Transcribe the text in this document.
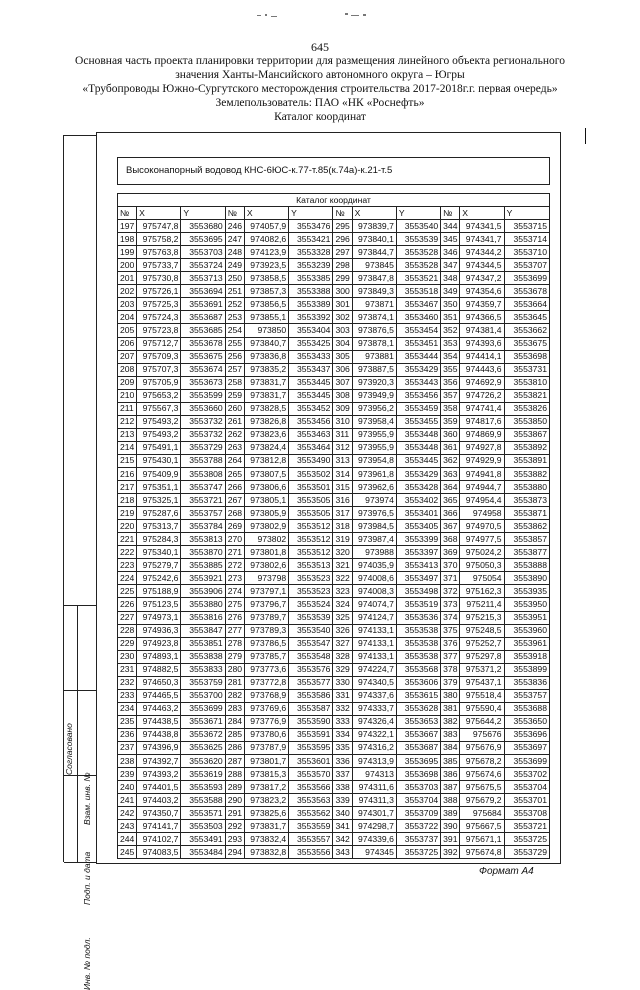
645
Основная часть проекта планировки территории для размещения линейного объекта регионального
значения Ханты-Мансийского автономного округа – Югры
«Трубопроводы Южно-Сургутского месторождения строительства 2017-2018г.г. первая очередь»
Землепользователь: ПАО «НК «Роснефть»
Каталог координат
Согласовано
Взам. инв. №
Подп. и дата
Инв. № подл.
Высоконапорный водовод КНС-6ЮС-к.77-т.85(к.74а)-к.21-т.5
Каталог координат											
№	X	Y	№	X	Y	№	X	Y	№	X	Y
197	975747,8	3553680	246	974057,9	3553476	295	973839,7	3553540	344	974341,5	3553715
198	975758,2	3553695	247	974082,6	3553421	296	973840,1	3553539	345	974341,7	3553714
199	975763,8	3553703	248	974123,9	3553328	297	973844,7	3553528	346	974344,2	3553710
200	975733,7	3553724	249	973923,5	3553239	298	973845	3553528	347	974344,5	3553707
201	975730,8	3553713	250	973858,5	3553385	299	973847,8	3553521	348	974347,2	3553699
202	975726,1	3553694	251	973857,3	3553388	300	973849,3	3553518	349	974354,6	3553678
203	975725,3	3553691	252	973856,5	3553389	301	973871	3553467	350	974359,7	3553664
204	975724,3	3553687	253	973855,1	3553392	302	973874,1	3553460	351	974366,5	3553645
205	975723,8	3553685	254	973850	3553404	303	973876,5	3553454	352	974381,4	3553662
206	975712,7	3553678	255	973840,7	3553425	304	973878,1	3553451	353	974393,6	3553675
207	975709,3	3553675	256	973836,8	3553433	305	973881	3553444	354	974414,1	3553698
208	975707,3	3553674	257	973835,2	3553437	306	973887,5	3553429	355	974443,6	3553731
209	975705,9	3553673	258	973831,7	3553445	307	973920,3	3553443	356	974692,9	3553810
210	975653,2	3553599	259	973831,7	3553445	308	973949,9	3553456	357	974726,2	3553821
211	975567,3	3553660	260	973828,5	3553452	309	973956,2	3553459	358	974741,4	3553826
212	975493,2	3553732	261	973826,8	3553456	310	973958,4	3553455	359	974817,6	3553850
213	975493,2	3553732	262	973823,6	3553463	311	973955,9	3553448	360	974869,9	3553867
214	975491,1	3553729	263	973824,4	3553464	312	973955,9	3553448	361	974927,8	3553892
215	975430,1	3553788	264	973812,8	3553490	313	973954,8	3553445	362	974929,9	3553891
216	975409,9	3553808	265	973807,5	3553502	314	973961,8	3553429	363	974941,8	3553882
217	975351,1	3553747	266	973806,6	3553501	315	973962,6	3553428	364	974944,7	3553880
218	975325,1	3553721	267	973805,1	3553505	316	973974	3553402	365	974954,4	3553873
219	975287,6	3553757	268	973805,9	3553505	317	973976,5	3553401	366	974958	3553871
220	975313,7	3553784	269	973802,9	3553512	318	973984,5	3553405	367	974970,5	3553862
221	975284,3	3553813	270	973802	3553512	319	973987,4	3553399	368	974977,5	3553857
222	975340,1	3553870	271	973801,8	3553512	320	973988	3553397	369	975024,2	3553877
223	975279,7	3553885	272	973802,6	3553513	321	974035,9	3553413	370	975050,3	3553888
224	975242,6	3553921	273	973798	3553523	322	974008,6	3553497	371	975054	3553890
225	975188,9	3553906	274	973797,1	3553523	323	974008,3	3553498	372	975162,3	3553935
226	975123,5	3553880	275	973796,7	3553524	324	974074,7	3553519	373	975211,4	3553950
227	974973,1	3553816	276	973789,7	3553539	325	974124,7	3553536	374	975215,3	3553951
228	974936,3	3553847	277	973789,3	3553540	326	974133,1	3553538	375	975248,5	3553960
229	974923,8	3553851	278	973786,5	3553547	327	974133,1	3553538	376	975252,7	3553961
230	974893,1	3553838	279	973785,7	3553548	328	974133,1	3553538	377	975297,8	3553918
231	974882,5	3553833	280	973773,6	3553576	329	974224,7	3553568	378	975371,2	3553899
232	974650,3	3553759	281	973772,8	3553577	330	974340,5	3553606	379	975437,1	3553836
233	974465,5	3553700	282	973768,9	3553586	331	974337,6	3553615	380	975518,4	3553757
234	974463,2	3553699	283	973769,6	3553587	332	974333,7	3553628	381	975590,4	3553688
235	974438,5	3553671	284	973776,9	3553590	333	974326,4	3553653	382	975644,2	3553650
236	974438,8	3553672	285	973780,6	3553591	334	974322,1	3553667	383	975676	3553696
237	974396,9	3553625	286	973787,9	3553595	335	974316,2	3553687	384	975676,9	3553697
238	974392,7	3553620	287	973801,7	3553601	336	974313,9	3553695	385	975678,2	3553699
239	974393,2	3553619	288	973815,3	3553570	337	974313	3553698	386	975674,6	3553702
240	974401,5	3553593	289	973817,2	3553566	338	974311,6	3553703	387	975675,5	3553704
241	974403,2	3553588	290	973823,2	3553563	339	974311,3	3553704	388	975679,2	3553701
242	974350,7	3553571	291	973825,6	3553562	340	974301,7	3553709	389	975684	3553708
243	974141,7	3553503	292	973831,7	3553559	341	974298,7	3553722	390	975667,5	3553721
244	974102,7	3553491	293	973832,4	3553557	342	974339,6	3553737	391	975671,1	3553725
245	974083,5	3553484	294	973832,8	3553556	343	974345	3553725	392	975674,8	3553729
Формат А4
